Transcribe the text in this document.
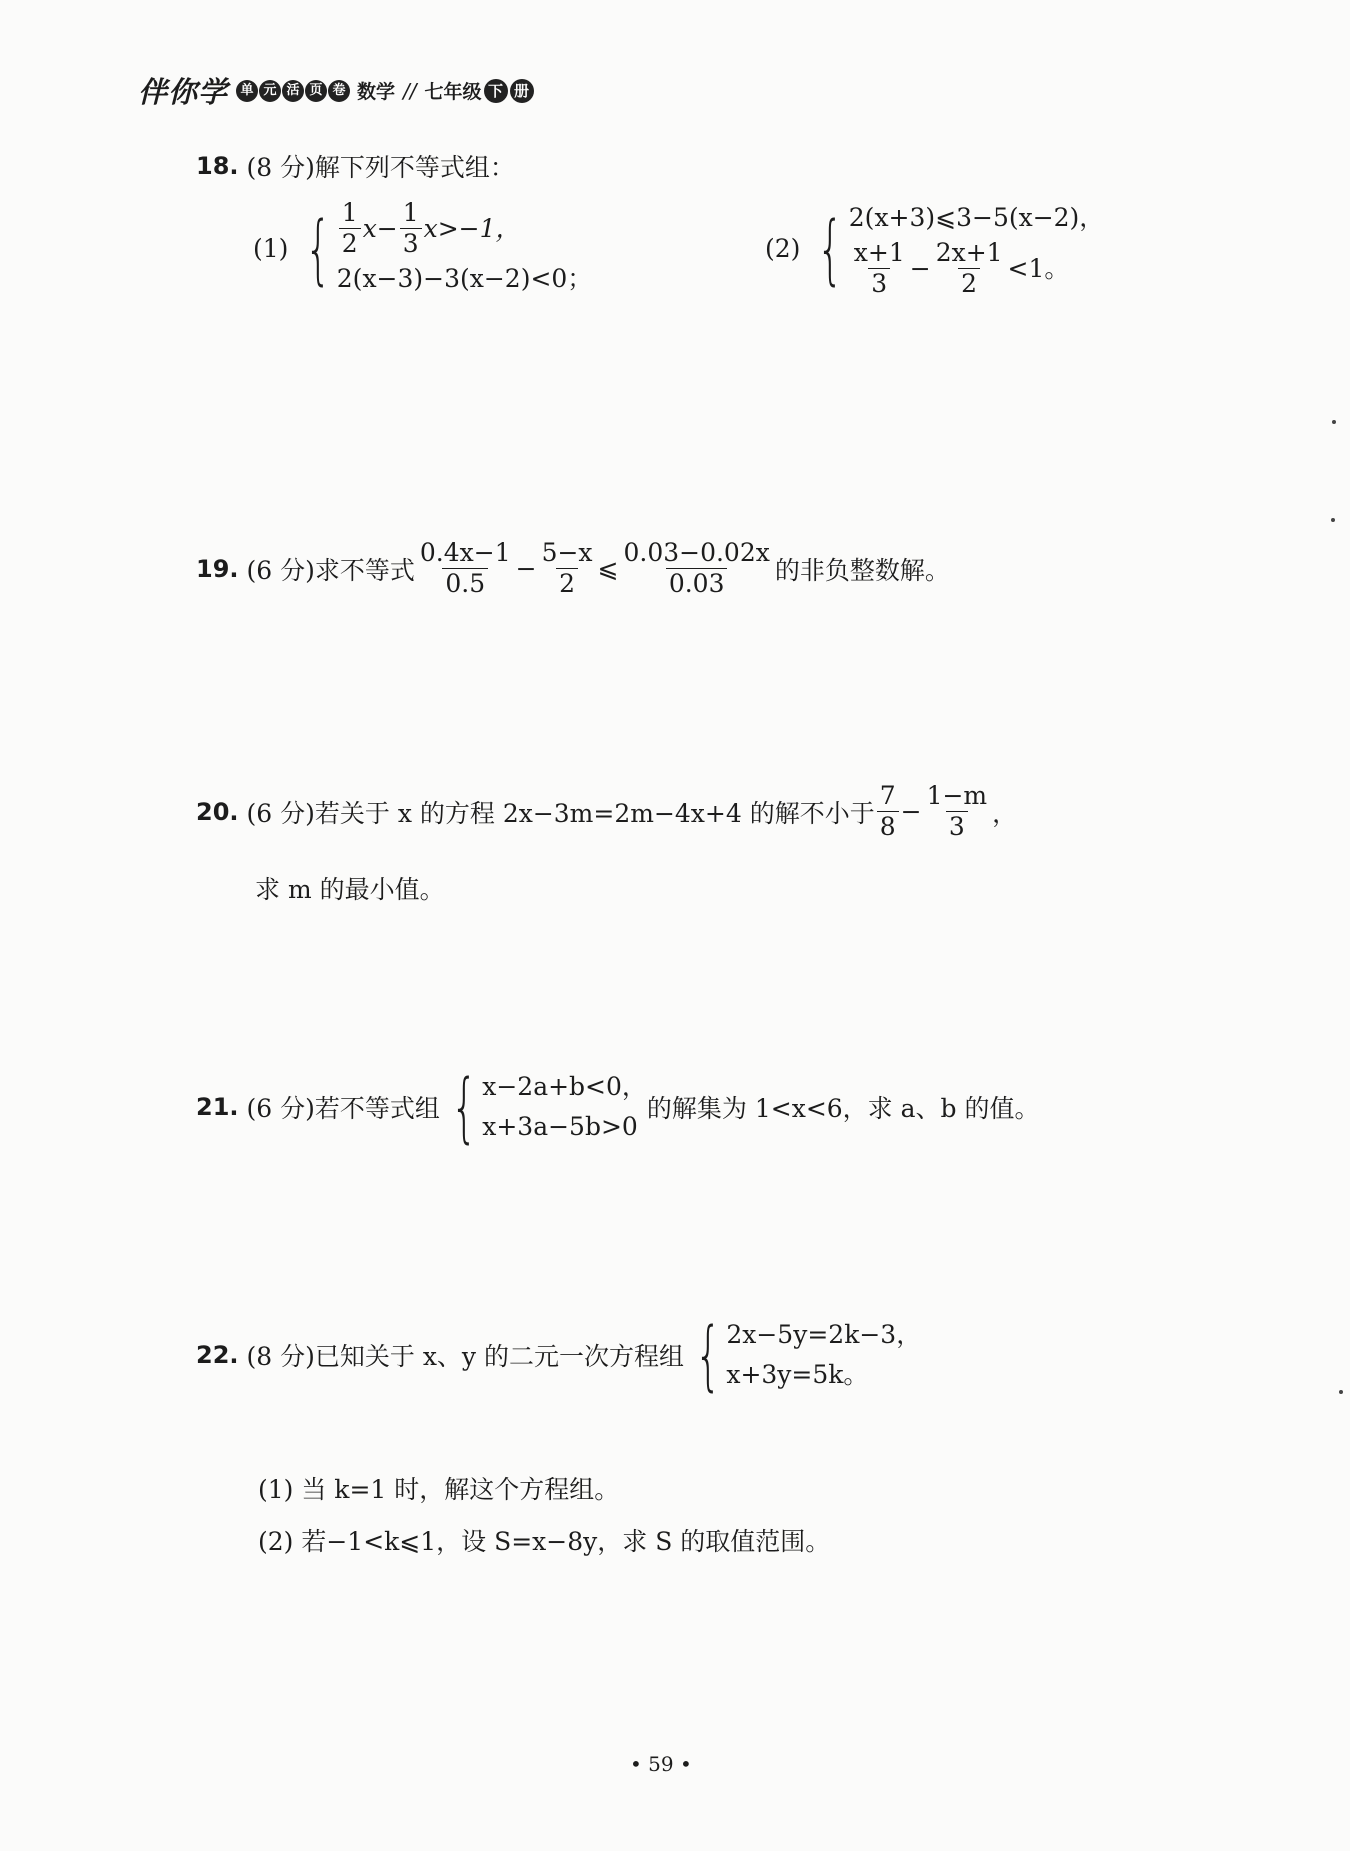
伴你学 单 元 活 页 卷 数学 // 七年级 下 册
18. (8 分)解下列不等式组：
(1) { $\frac{1}{2} x- \frac{1}{3} x>-1$，
2(x−3)−3(x−2)<0；
(2) { 2(x+3)⩽3−5(x−2)，
$\frac{x+1}{3} - \frac{2x+1}{2} <1$。
19. (6 分)求不等式 $\frac{0.4x-1}{0.5} - \frac{5-x}{2}$ ⩽ $\frac{0.03-0.02x}{0.03}$ 的非负整数解。
20. (6 分)若关于 x 的方程 2x−3m=2m−4x+4 的解不小于 $\frac{7}{8} - \frac{1-m}{3}$ ，
求 m 的最小值。
21. (6 分)若不等式组 { x−2a+b<0，
x+3a−5b>0
的解集为 1<x<6，求 a、b 的值。
22. (8 分)已知关于 x、y 的二元一次方程组 { 2x−5y=2k−3，
x+3y=5k。
(1) 当 k=1 时，解这个方程组。
(2) 若−1<k⩽1，设 S=x−8y，求 S 的取值范围。
• 59 •
